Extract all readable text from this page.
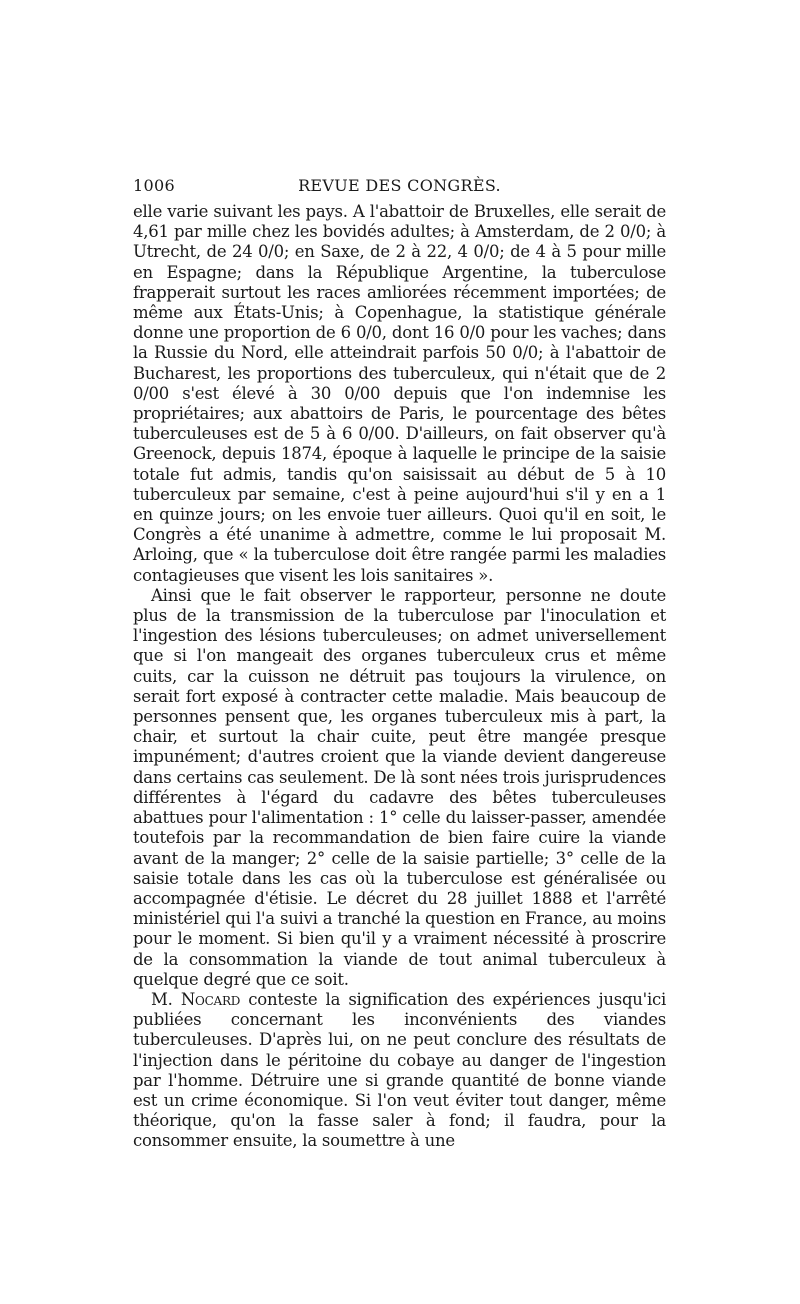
1006	REVUE DES CONGRÈS.

elle varie suivant les pays. A l'abattoir de Bruxelles, elle serait de 4,61 par mille chez les bovidés adultes; à Amsterdam, de 2 0/0; à Utrecht, de 24 0/0; en Saxe, de 2 à 22, 4 0/0; de 4 à 5 pour mille en Espagne; dans la République Argentine, la tuberculose frapperait surtout les races amliorées récemment importées; de même aux États-Unis; à Copenhague, la statistique générale donne une proportion de 6 0/0, dont 16 0/0 pour les vaches; dans la Russie du Nord, elle atteindrait parfois 50 0/0; à l'abattoir de Bucharest, les proportions des tuberculeux, qui n'était que de 2 0/00 s'est élevé à 30 0/00 depuis que l'on indemnise les propriétaires; aux abattoirs de Paris, le pourcentage des bêtes tuberculeuses est de 5 à 6 0/00. D'ailleurs, on fait observer qu'à Greenock, depuis 1874, époque à laquelle le principe de la saisie totale fut admis, tandis qu'on saisissait au début de 5 à 10 tuberculeux par semaine, c'est à peine aujourd'hui s'il y en a 1 en quinze jours; on les envoie tuer ailleurs. Quoi qu'il en soit, le Congrès a été unanime à admettre, comme le lui proposait M. Arloing, que « la tuberculose doit être rangée parmi les maladies contagieuses que visent les lois sanitaires ».

Ainsi que le fait observer le rapporteur, personne ne doute plus de la transmission de la tuberculose par l'inoculation et l'ingestion des lésions tuberculeuses; on admet universellement que si l'on mangeait des organes tuberculeux crus et même cuits, car la cuisson ne détruit pas toujours la virulence, on serait fort exposé à contracter cette maladie. Mais beaucoup de personnes pensent que, les organes tuberculeux mis à part, la chair, et surtout la chair cuite, peut être mangée presque impunément; d'autres croient que la viande devient dangereuse dans certains cas seulement. De là sont nées trois jurisprudences différentes à l'égard du cadavre des bêtes tuberculeuses abattues pour l'alimentation : 1° celle du laisser-passer, amendée toutefois par la recommandation de bien faire cuire la viande avant de la manger; 2° celle de la saisie partielle; 3° celle de la saisie totale dans les cas où la tuberculose est généralisée ou accompagnée d'étisie. Le décret du 28 juillet 1888 et l'arrêté ministériel qui l'a suivi a tranché la question en France, au moins pour le moment. Si bien qu'il y a vraiment nécessité à proscrire de la consommation la viande de tout animal tuberculeux à quelque degré que ce soit.

M. Nocard conteste la signification des expériences jusqu'ici publiées concernant les inconvénients des viandes tuberculeuses. D'après lui, on ne peut conclure des résultats de l'injection dans le péritoine du cobaye au danger de l'ingestion par l'homme. Détruire une si grande quantité de bonne viande est un crime économique. Si l'on veut éviter tout danger, même théorique, qu'on la fasse saler à fond; il faudra, pour la consommer ensuite, la soumettre à une
